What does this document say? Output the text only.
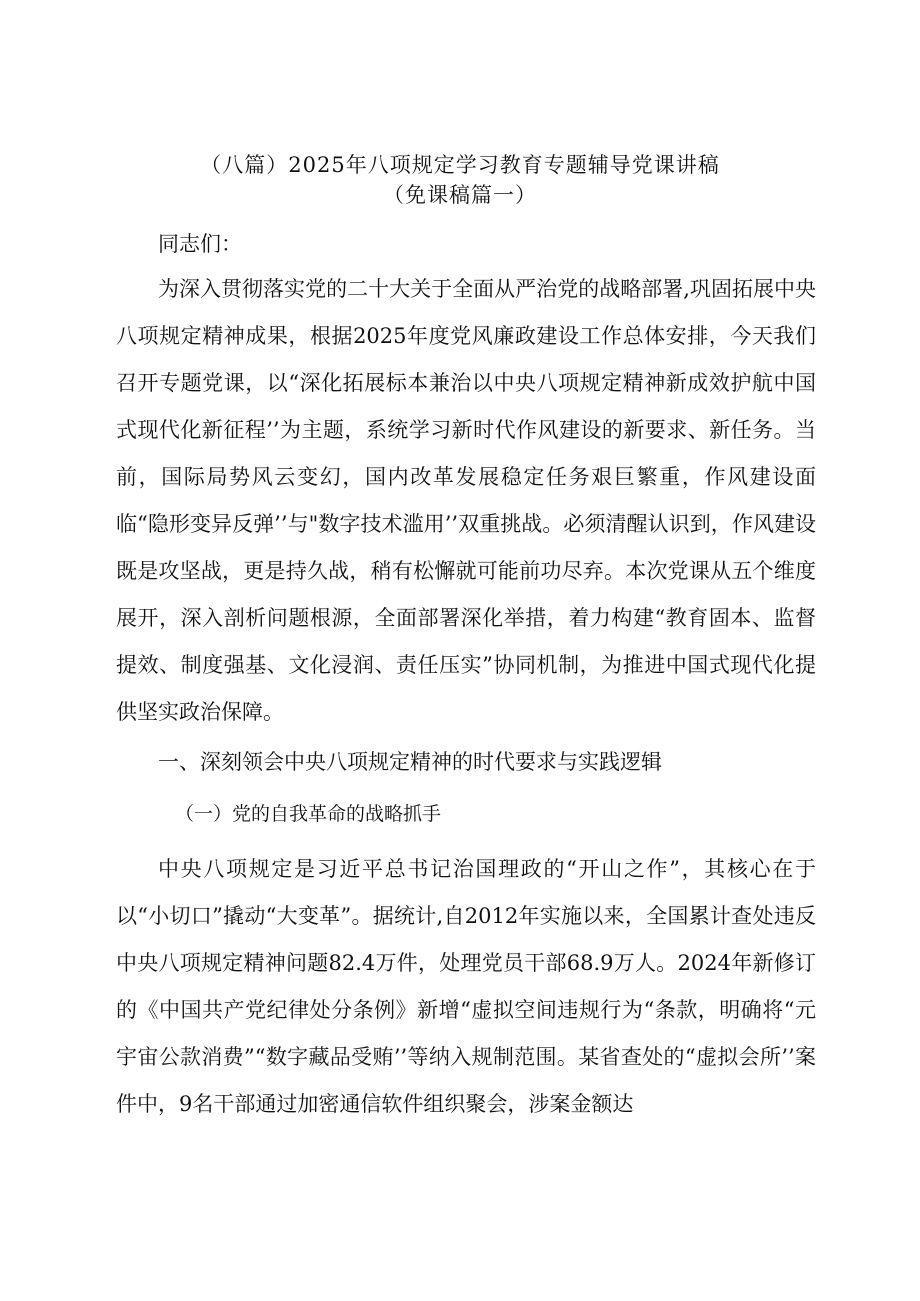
（八篇）2025年八项规定学习教育专题辅导党课讲稿
（免课稿篇一）
同志们：

为深入贯彻落实党的二十大关于全面从严治党的战略部署,巩固拓展中央八项规定精神成果，根据2025年度党风廉政建设工作总体安排，今天我们召开专题党课，以“深化拓展标本兼治以中央八项规定精神新成效护航中国式现代化新征程’’为主题，系统学习新时代作风建设的新要求、新任务。当前，国际局势风云变幻，国内改革发展稳定任务艰巨繁重，作风建设面临“隐形变异反弹’’与"数字技术滥用’’双重挑战。必须清醒认识到，作风建设既是攻坚战，更是持久战，稍有松懈就可能前功尽弃。本次党课从五个维度展开，深入剖析问题根源，全面部署深化举措，着力构建“教育固本、监督提效、制度强基、文化浸润、责任压实”协同机制，为推进中国式现代化提供坚实政治保障。

一、深刻领会中央八项规定精神的时代要求与实践逻辑
（一）党的自我革命的战略抓手

中央八项规定是习近平总书记治国理政的“开山之作”，其核心在于以“小切口”撬动“大变革”。据统计,自2012年实施以来，全国累计查处违反中央八项规定精神问题82.4万件，处理党员干部68.9万人。2024年新修订的《中国共产党纪律处分条例》新增“虚拟空间违规行为“条款，明确将“元宇宙公款消费”“数字藏品受贿’’等纳入规制范围。某省查处的“虚拟会所’’案件中，9名干部通过加密通信软件组织聚会，涉案金额达
